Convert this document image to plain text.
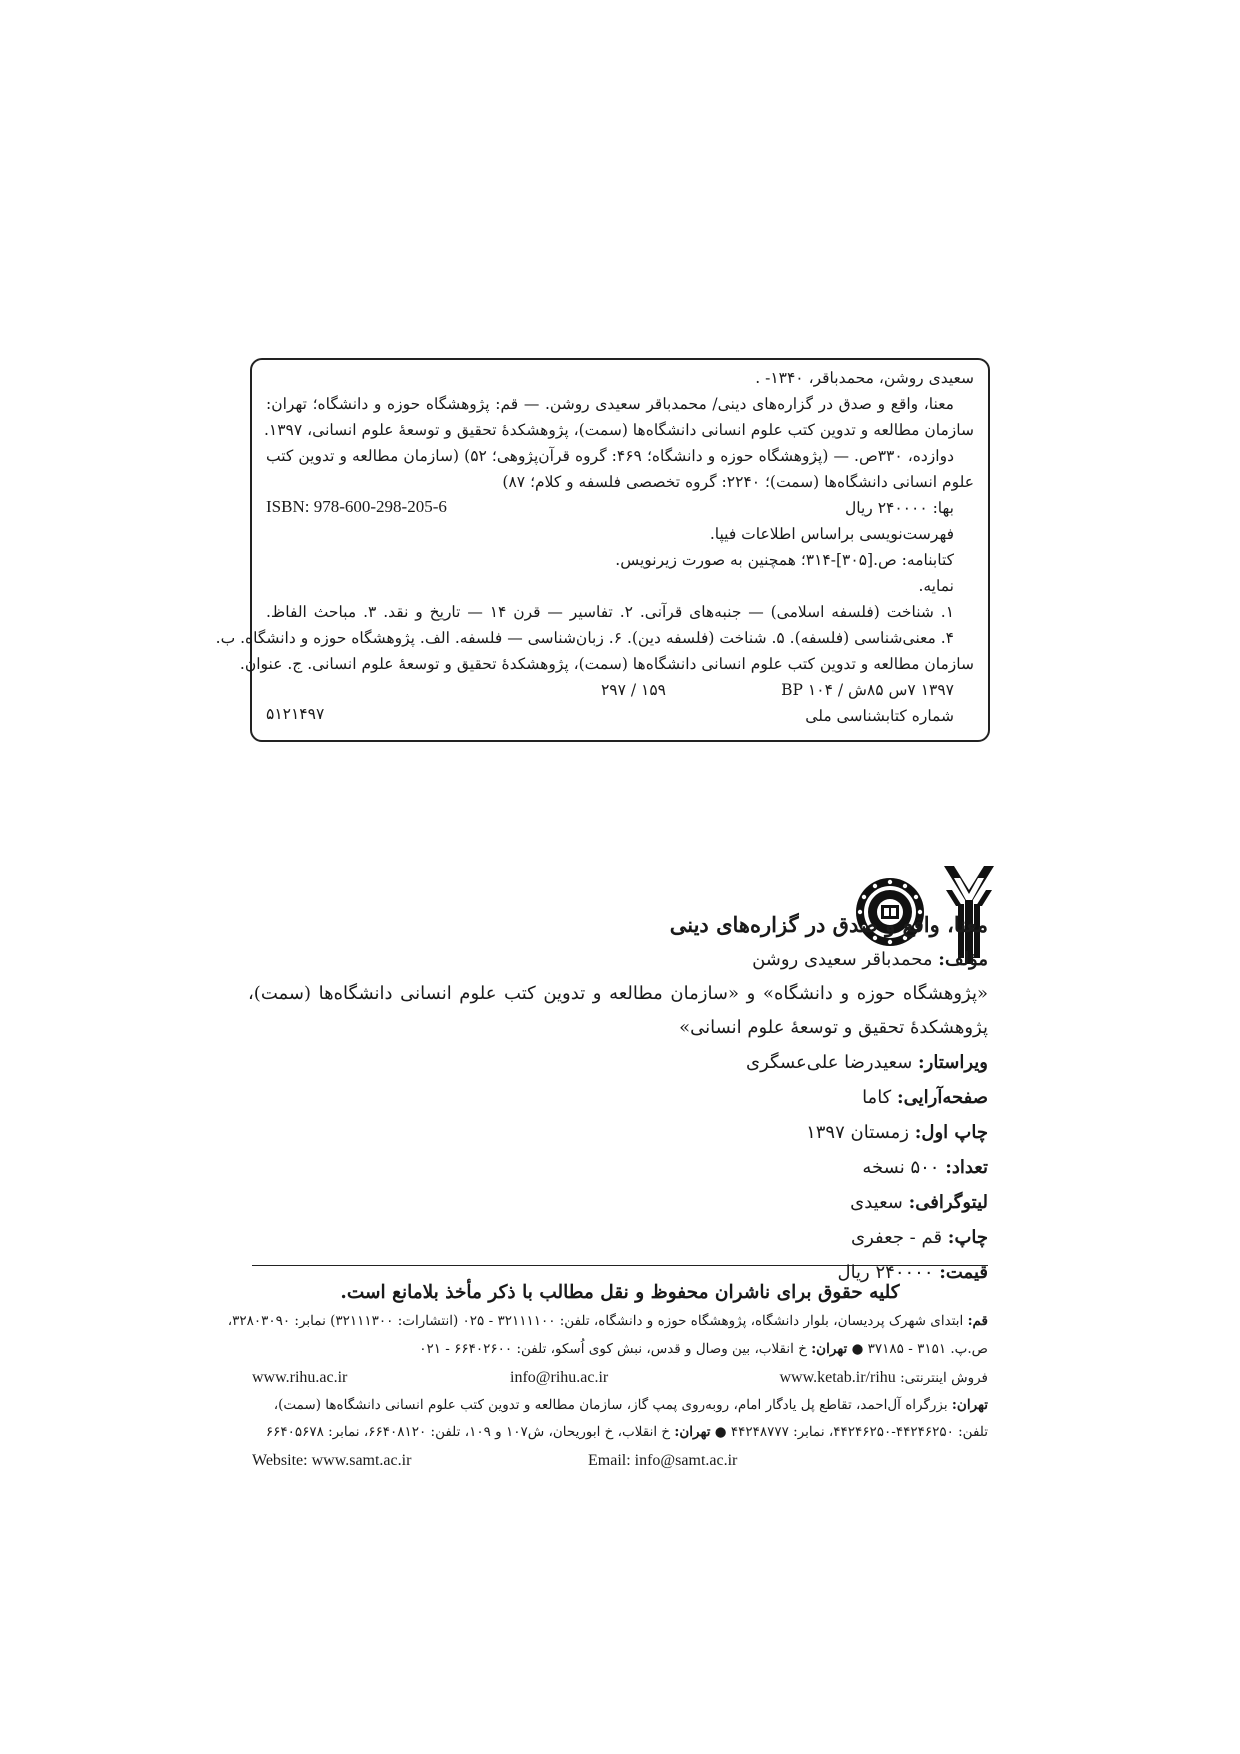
سعیدی روشن، محمدباقر، ۱۳۴۰- .
معنا، واقع و صدق در گزاره‌های دینی/ محمدباقر سعیدی روشن. — قم: پژوهشگاه حوزه و دانشگاه؛ تهران:
سازمان مطالعه و تدوین کتب علوم انسانی دانشگاه‌ها (سمت)، پژوهشکدهٔ تحقیق و توسعهٔ علوم انسانی، ۱۳۹۷.
دوازده، ۳۳۰ص. — (پژوهشگاه حوزه و دانشگاه؛ ۴۶۹: گروه قرآن‌پژوهی؛ ۵۲) (سازمان مطالعه و تدوین کتب
علوم انسانی دانشگاه‌ها (سمت)؛ ۲۲۴۰: گروه تخصصی فلسفه و کلام؛ ۸۷)
ISBN: 978-600-298-205-6	بها: ۲۴۰۰۰۰ ریال
فهرست‌نویسی براساس اطلاعات فیپا.
کتابنامه: ص.[۳۰۵]-۳۱۴؛ همچنین به صورت زیرنویس.
نمایه.
۱. شناخت (فلسفه اسلامی) — جنبه‌های قرآنی. ۲. تفاسیر — قرن ۱۴ — تاریخ و نقد. ۳. مباحث الفاظ.
۴. معنی‌شناسی (فلسفه). ۵. شناخت (فلسفه دین). ۶. زبان‌شناسی — فلسفه. الف. پژوهشگاه حوزه و دانشگاه. ب.
سازمان مطالعه و تدوین کتب علوم انسانی دانشگاه‌ها (سمت)، پژوهشکدهٔ تحقیق و توسعهٔ علوم انسانی. ج. عنوان.
۱۳۹۷ ۷س ۸۵ش / BP ۱۰۴
۱۵۹ / ۲۹۷
شماره کتابشناسی ملی
۵۱۲۱۴۹۷
معنا، واقع و صدق در گزاره‌های دینی
مؤلف: محمدباقر سعیدی روشن
«پژوهشگاه حوزه و دانشگاه» و «سازمان مطالعه و تدوین کتب علوم انسانی دانشگاه‌ها (سمت)، پژوهشکدهٔ تحقیق و توسعهٔ علوم انسانی»
ویراستار: سعیدرضا علی‌عسگری
صفحه‌آرایی: کاما
چاپ اول: زمستان ۱۳۹۷
تعداد: ۵۰۰ نسخه
لیتوگرافی: سعیدی
چاپ: قم - جعفری
قیمت: ۲۴۰۰۰۰ ریال
کلیه حقوق برای ناشران محفوظ و نقل مطالب با ذکر مأخذ بلامانع است.
قم: ابتدای شهرک پردیسان، بلوار دانشگاه، پژوهشگاه حوزه و دانشگاه، تلفن: ۳۲۱۱۱۱۰۰ - ۰۲۵ (انتشارات: ۳۲۱۱۱۳۰۰) نمابر: ۳۲۸۰۳۰۹۰،
ص.پ. ۳۱۵۱ - ۳۷۱۸۵ ● تهران: خ انقلاب، بین وصال و قدس، نبش کوی اُسکو، تلفن: ۶۶۴۰۲۶۰۰ - ۰۲۱
فروش اینترنتی: www.ketab.ir/rihu
info@rihu.ac.ir
www.rihu.ac.ir
تهران: بزرگراه آل‌احمد، تقاطع پل یادگار امام، روبه‌روی پمپ گاز، سازمان مطالعه و تدوین کتب علوم انسانی دانشگاه‌ها (سمت)،
تلفن: ۴۴۲۴۶۲۵۰-۴۴۲۴۶۲۵۰، نمابر: ۴۴۲۴۸۷۷۷ ● تهران: خ انقلاب، خ ابوریحان، ش۱۰۷ و ۱۰۹، تلفن: ۶۶۴۰۸۱۲۰، نمابر: ۶۶۴۰۵۶۷۸
Website: www.samt.ac.ir	Email: info@samt.ac.ir
